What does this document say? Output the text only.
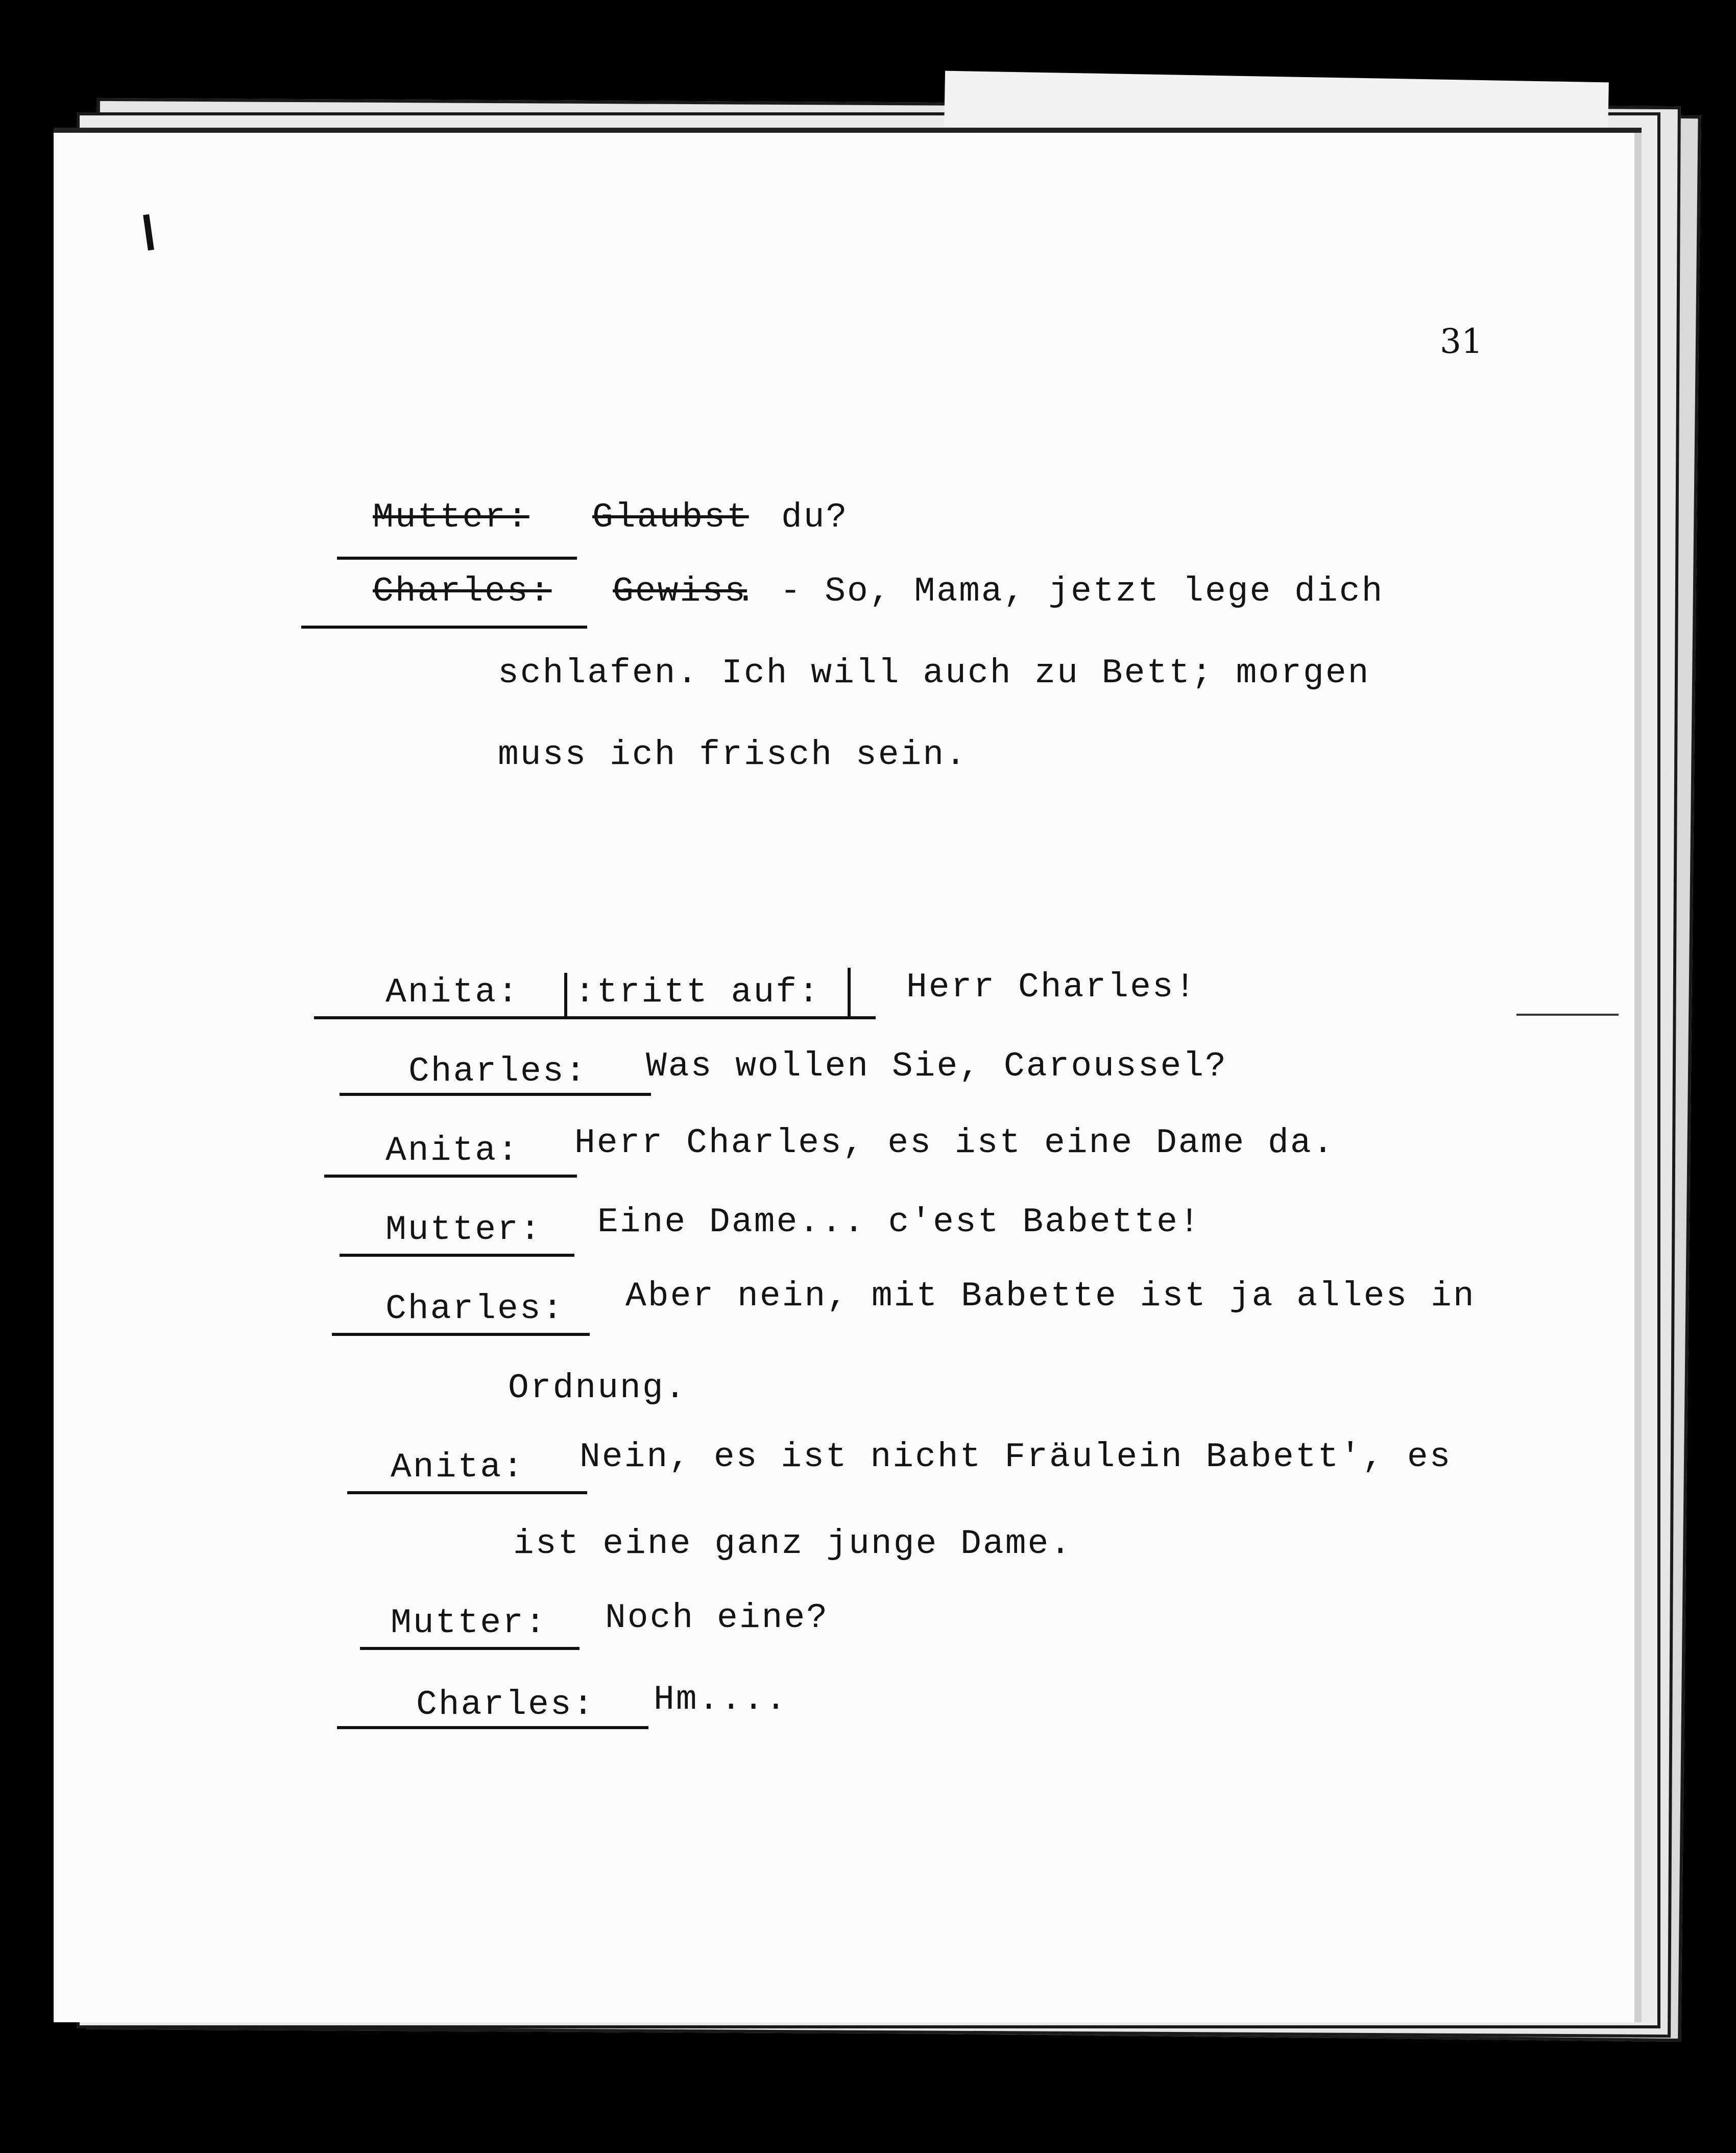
31
Mutter: Glaubst du?
Charles: Gewiss
. - So, Mama, jetzt lege dich
schlafen. Ich will auch zu Bett; morgen
muss ich frisch sein.
Anita: :tritt auf: Herr Charles!
Charles: Was wollen Sie, Caroussel?
Anita: Herr Charles, es ist eine Dame da.
Mutter: Eine Dame... c'est Babette!
Charles: Aber nein, mit Babette ist ja alles in
Ordnung.
Anita: Nein, es ist nicht Fräulein Babett', es
ist eine ganz junge Dame.
Mutter: Noch eine?
Charles: Hm....
